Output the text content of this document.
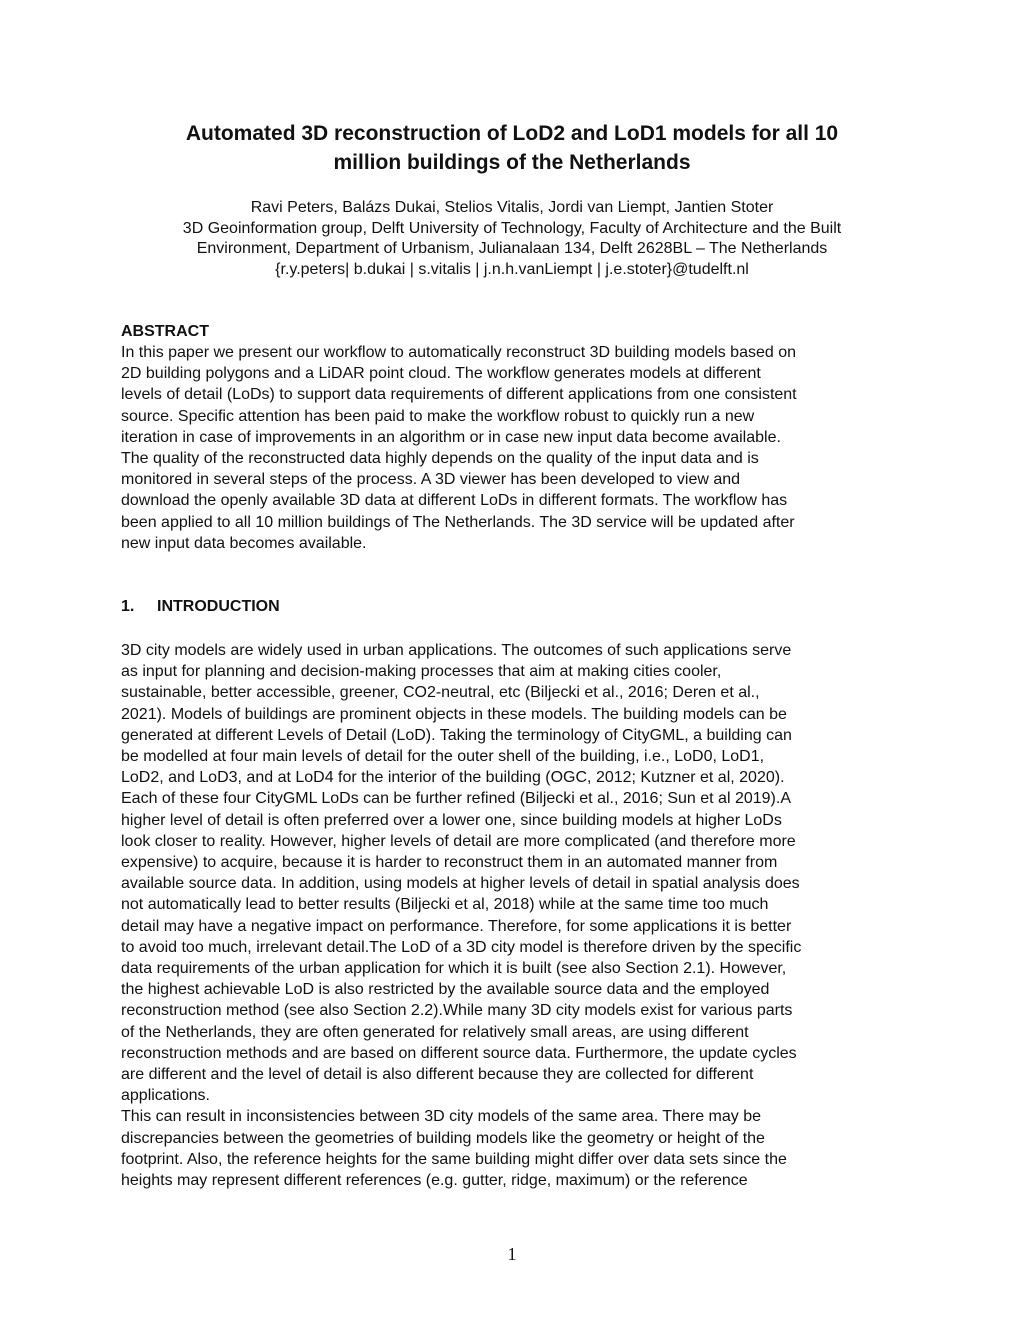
Automated 3D reconstruction of LoD2 and LoD1 models for all 10
million buildings of the Netherlands
Ravi Peters, Balázs Dukai, Stelios Vitalis, Jordi van Liempt, Jantien Stoter
3D Geoinformation group, Delft University of Technology, Faculty of Architecture and the Built
Environment, Department of Urbanism, Julianalaan 134, Delft 2628BL – The Netherlands
{r.y.peters| b.dukai | s.vitalis | j.n.h.vanLiempt | j.e.stoter}@tudelft.nl
ABSTRACT
In this paper we present our workflow to automatically reconstruct 3D building models based on
2D building polygons and a LiDAR point cloud. The workflow generates models at different
levels of detail (LoDs) to support data requirements of different applications from one consistent
source. Specific attention has been paid to make the workflow robust to quickly run a new
iteration in case of improvements in an algorithm or in case new input data become available.
The quality of the reconstructed data highly depends on the quality of the input data and is
monitored in several steps of the process. A 3D viewer has been developed to view and
download the openly available 3D data at different LoDs in different formats. The workflow has
been applied to all 10 million buildings of The Netherlands. The 3D service will be updated after
new input data becomes available.
1. INTRODUCTION
3D city models are widely used in urban applications. The outcomes of such applications serve
as input for planning and decision-making processes that aim at making cities cooler,
sustainable, better accessible, greener, CO2-neutral, etc (Biljecki et al., 2016; Deren et al.,
2021). Models of buildings are prominent objects in these models. The building models can be
generated at different Levels of Detail (LoD). Taking the terminology of CityGML, a building can
be modelled at four main levels of detail for the outer shell of the building, i.e., LoD0, LoD1,
LoD2, and LoD3, and at LoD4 for the interior of the building (OGC, 2012; Kutzner et al, 2020).
Each of these four CityGML LoDs can be further refined (Biljecki et al., 2016; Sun et al 2019).A
higher level of detail is often preferred over a lower one, since building models at higher LoDs
look closer to reality. However, higher levels of detail are more complicated (and therefore more
expensive) to acquire, because it is harder to reconstruct them in an automated manner from
available source data. In addition, using models at higher levels of detail in spatial analysis does
not automatically lead to better results (Biljecki et al, 2018) while at the same time too much
detail may have a negative impact on performance. Therefore, for some applications it is better
to avoid too much, irrelevant detail.The LoD of a 3D city model is therefore driven by the specific
data requirements of the urban application for which it is built (see also Section 2.1). However,
the highest achievable LoD is also restricted by the available source data and the employed
reconstruction method (see also Section 2.2).While many 3D city models exist for various parts
of the Netherlands, they are often generated for relatively small areas, are using different
reconstruction methods and are based on different source data. Furthermore, the update cycles
are different and the level of detail is also different because they are collected for different
applications.
This can result in inconsistencies between 3D city models of the same area. There may be
discrepancies between the geometries of building models like the geometry or height of the
footprint. Also, the reference heights for the same building might differ over data sets since the
heights may represent different references (e.g. gutter, ridge, maximum) or the reference
1
